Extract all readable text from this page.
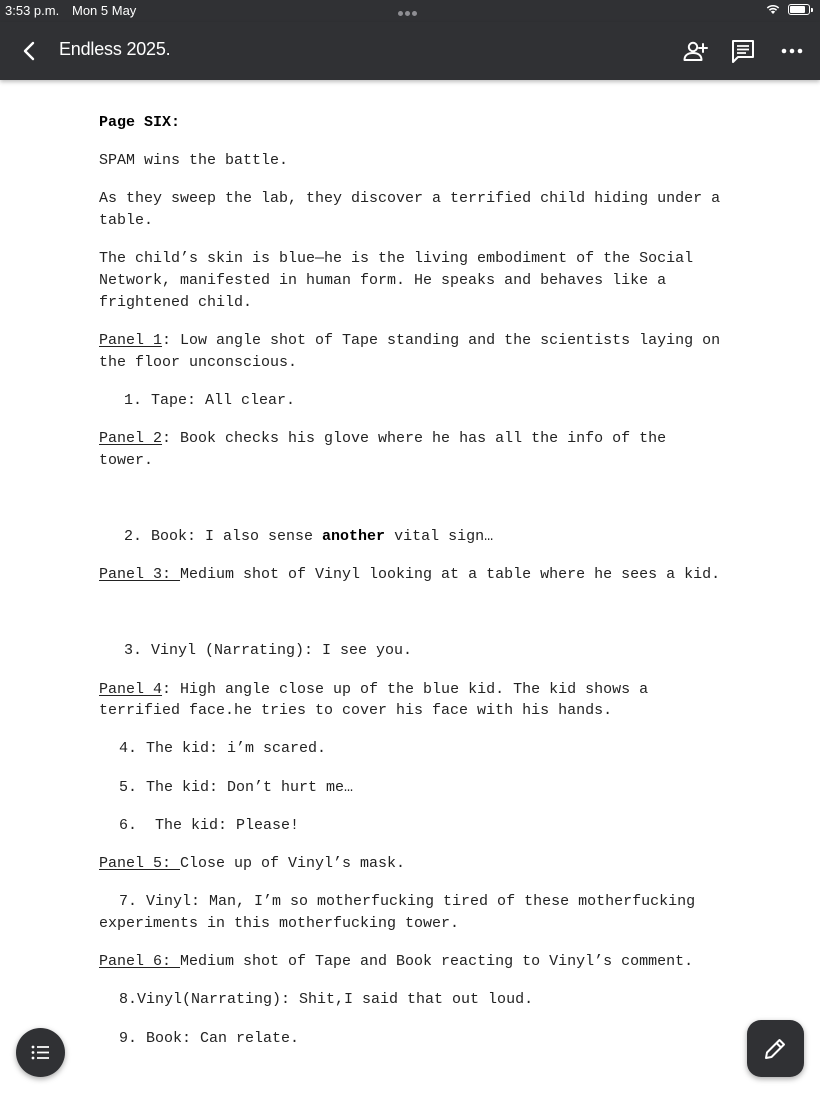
3:53 p.m. Mon 5 May
Endless 2025.

Page SIX:

SPAM wins the battle.

As they sweep the lab, they discover a terrified child hiding under a table.

The child’s skin is blue—he is the living embodiment of the Social Network, manifested in human form. He speaks and behaves like a frightened child.

Panel 1: Low angle shot of Tape standing and the scientists laying on the floor unconscious.

1. Tape: All clear.

Panel 2: Book checks his glove where he has all the info of the tower.

2. Book: I also sense another vital sign…

Panel 3: Medium shot of Vinyl looking at a table where he sees a kid.

3. Vinyl (Narrating): I see you.

Panel 4: High angle close up of the blue kid. The kid shows a terrified face.he tries to cover his face with his hands.

4. The kid: i’m scared.

5. The kid: Don’t hurt me…

6.  The kid: Please!

Panel 5: Close up of Vinyl’s mask.

7. Vinyl: Man, I’m so motherfucking tired of these motherfucking experiments in this motherfucking tower.

Panel 6: Medium shot of Tape and Book reacting to Vinyl’s comment.

8.Vinyl(Narrating): Shit,I said that out loud.

9. Book: Can relate.
